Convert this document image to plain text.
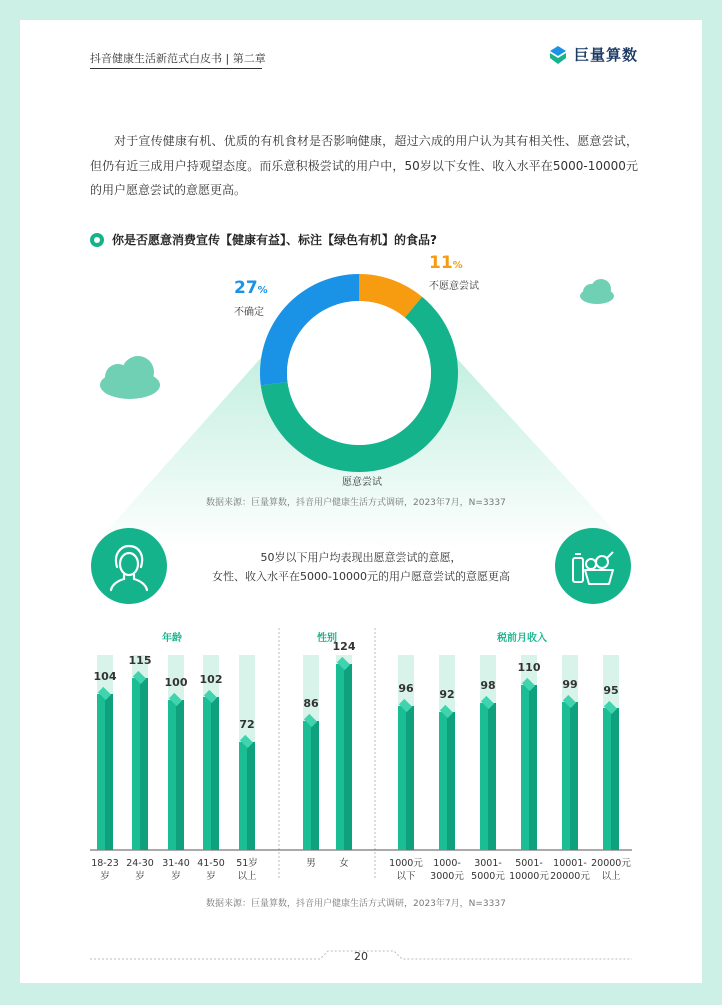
抖音健康生活新范式白皮书 | 第二章	巨量算数
对于宣传健康有机、优质的有机食材是否影响健康，超过六成的用户认为其有相关性、愿意尝试，但仍有近三成用户持观望态度。而乐意积极尝试的用户中，50岁以下女性、收入水平在5000-10000元的用户愿意尝试的意愿更高。
你是否愿意消费宣传【健康有益】、标注【绿色有机】的食品?
27%
不确定
11%
不愿意尝试
62%
愿意尝试
数据来源：巨量算数，抖音用户健康生活方式调研，2023年7月，N=3337
50岁以下用户均表现出愿意尝试的意愿，
女性、收入水平在5000-10000元的用户愿意尝试的意愿更高
年龄	性别	税前月收入
104
18-23
岁
115
24-30
岁
100
31-40
岁
102
41-50
岁
72
51岁
以上
86
男
124
女
96
1000元
以下
92
1000-
3000元
98
3001-
5000元
110
5001-
10000元
99
10001-
20000元
95
20000元
以上
数据来源：巨量算数，抖音用户健康生活方式调研，2023年7月，N=3337
20
